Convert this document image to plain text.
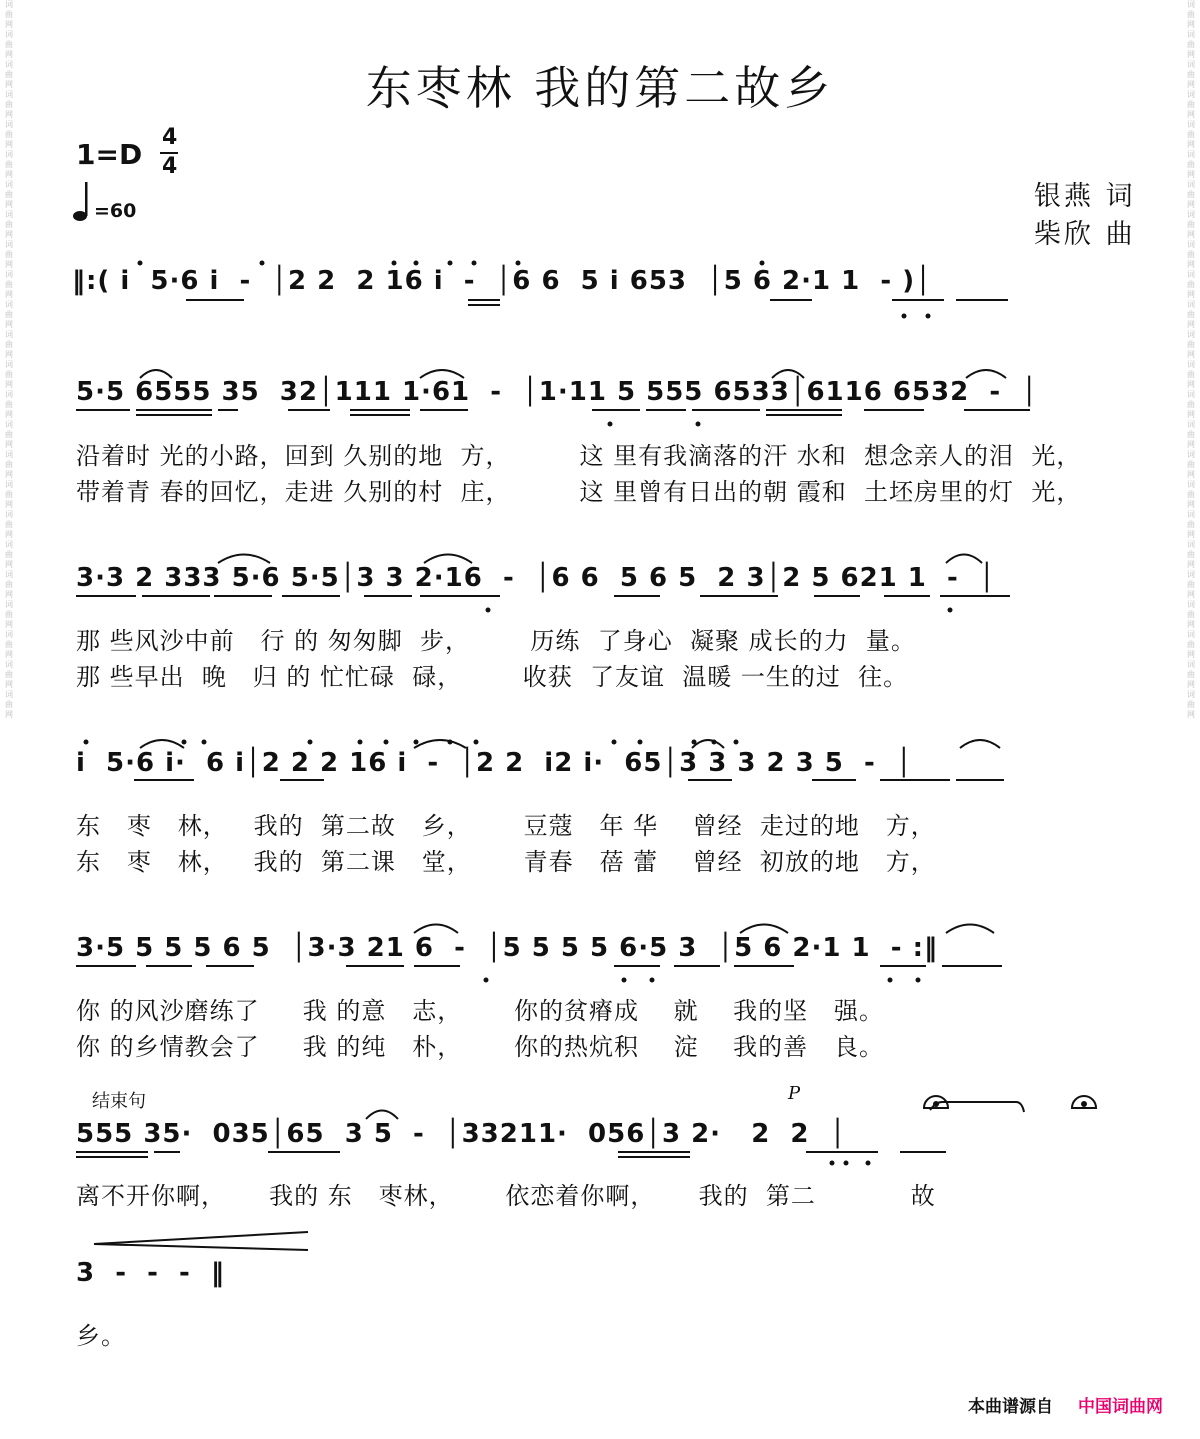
词曲网词曲网词曲网词曲网词曲网词曲网词曲网词曲网词曲网词曲网词曲网词曲网词曲网词曲网词曲网词曲网词曲网词曲网词曲网词曲网词曲网词曲网词曲网词曲网
词曲网词曲网词曲网词曲网词曲网词曲网词曲网词曲网词曲网词曲网词曲网词曲网词曲网词曲网词曲网词曲网词曲网词曲网词曲网词曲网词曲网词曲网词曲网词曲网
东枣林 我的第二故乡
1=D
4
4
=60	银燕 词
柴欣 曲
‖:( i  5·6 i  -  │2 2  2 16 i  -  │6 6  5 i 653  │5 6 2·1 1  - )│
5·5 6555 35  32│111 1·61  -  │1·11 5 555 6533│6116 6532  -  │
沿着时 光的小路，回到 久别的地  方，        这 里有我滴落的汗 水和  想念亲人的泪  光，
带着青 春的回忆，走进 久别的村  庄，        这 里曾有日出的朝 霞和  土坯房里的灯  光，
3·3 2 333 5·6 5·5│3 3 2·16  -  │6 6  5 6 5  2 3│2 5 621 1  -  │
那 些风沙中前   行 的 匆匆脚  步，       历练  了身心  凝聚 成长的力  量。
那 些早出  晚   归 的 忙忙碌  碌，       收获  了友谊  温暖 一生的过  往。
i  5·6 i·  6 i│2 2 2 16 i  -  │2 2  i2 i·  65│3 3 3 2 3 5  -  │
东   枣   林，   我的  第二故   乡，      豆蔻   年 华    曾经  走过的地   方，
东   枣   林，   我的  第二课   堂，      青春   蓓 蕾    曾经  初放的地   方，
3·5 5 5 5 6 5  │3·3 21 6  -  │5 5 5 5 6·5 3  │5 6 2·1 1  - :‖
你 的风沙磨练了     我 的意   志，      你的贫瘠成    就    我的坚   强。
你 的乡情教会了     我 的纯   朴，      你的热炕积    淀    我的善   良。
结束句	P
555 35·  035│65  3 5  -  │33211·  056│3 2·   2  2  │
离不开你啊，     我的 东   枣林，      依恋着你啊，     我的  第二           故
3  -  -  -  ‖
乡。
本曲谱源自 中国词曲网
